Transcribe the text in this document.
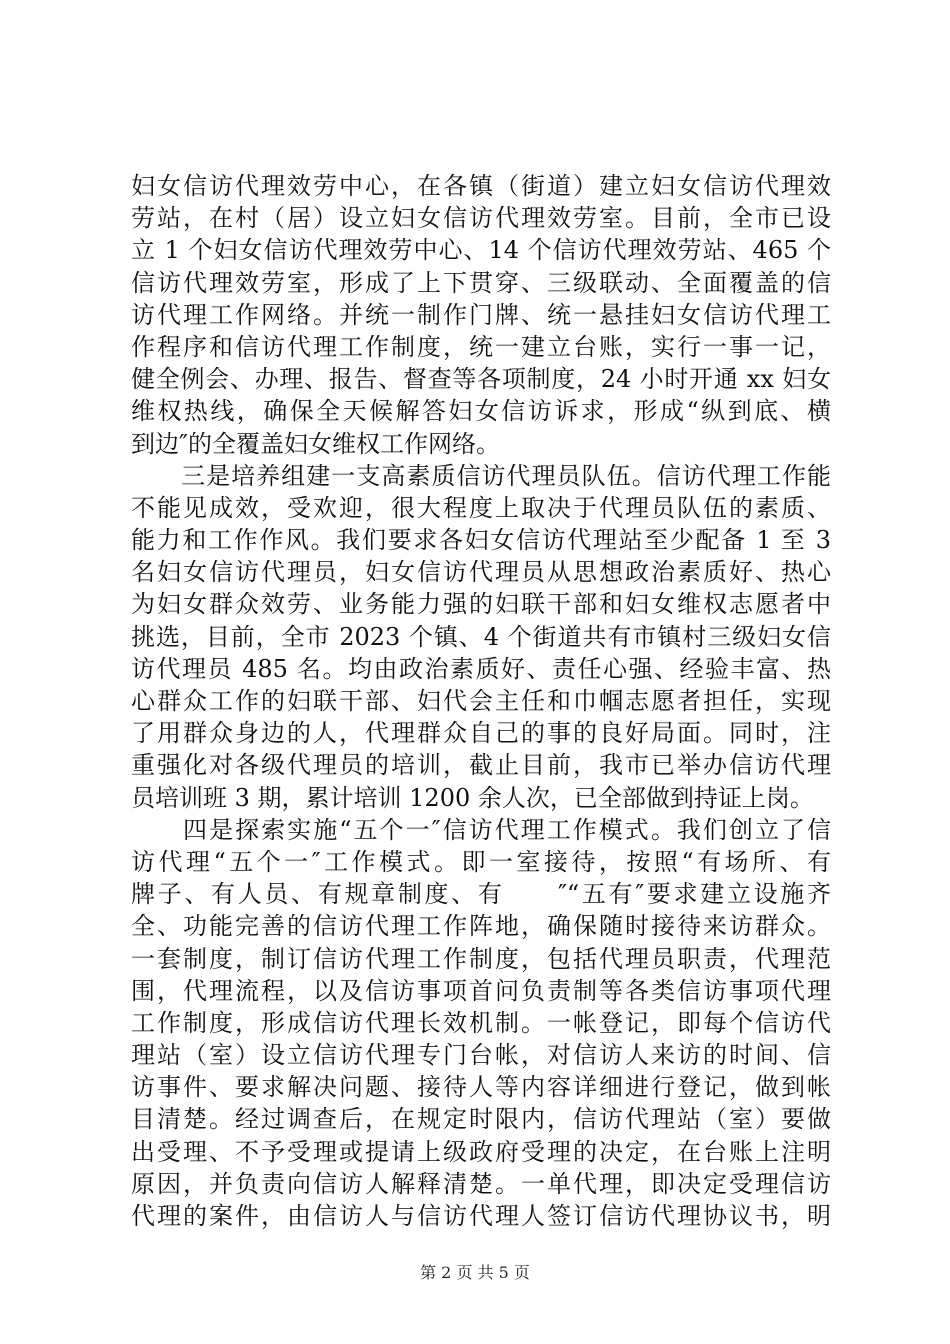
妇女信访代理效劳中心，在各镇（街道）建立妇女信访代理效
劳站，在村（居）设立妇女信访代理效劳室。目前，全市已设
立 1 个妇女信访代理效劳中心、14 个信访代理效劳站、465 个
信访代理效劳室，形成了上下贯穿、三级联动、全面覆盖的信
访代理工作网络。并统一制作门牌、统一悬挂妇女信访代理工
作程序和信访代理工作制度，统一建立台账，实行一事一记，
健全例会、办理、报告、督查等各项制度，24 小时开通 xx 妇女
维权热线，确保全天候解答妇女信访诉求，形成“纵到底、横
到边″的全覆盖妇女维权工作网络。
　　三是培养组建一支高素质信访代理员队伍。信访代理工作能
不能见成效，受欢迎，很大程度上取决于代理员队伍的素质、
能力和工作作风。我们要求各妇女信访代理站至少配备 1 至 3
名妇女信访代理员，妇女信访代理员从思想政治素质好、热心
为妇女群众效劳、业务能力强的妇联干部和妇女维权志愿者中
挑选，目前，全市 2023 个镇、4 个街道共有市镇村三级妇女信
访代理员 485 名。均由政治素质好、责任心强、经验丰富、热
心群众工作的妇联干部、妇代会主任和巾帼志愿者担任，实现
了用群众身边的人，代理群众自己的事的良好局面。同时，注
重强化对各级代理员的培训，截止目前，我市已举办信访代理
员培训班 3 期，累计培训 1200 余人次，已全部做到持证上岗。
　　四是探索实施“五个一″信访代理工作模式。我们创立了信
访代理“五个一″工作模式。即一室接待，按照“有场所、有
牌子、有人员、有规章制度、有　　″“五有″要求建立设施齐
全、功能完善的信访代理工作阵地，确保随时接待来访群众。
一套制度，制订信访代理工作制度，包括代理员职责，代理范
围，代理流程，以及信访事项首问负责制等各类信访事项代理
工作制度，形成信访代理长效机制。一帐登记，即每个信访代
理站（室）设立信访代理专门台帐，对信访人来访的时间、信
访事件、要求解决问题、接待人等内容详细进行登记，做到帐
目清楚。经过调查后，在规定时限内，信访代理站（室）要做
出受理、不予受理或提请上级政府受理的决定，在台账上注明
原因，并负责向信访人解释清楚。一单代理，即决定受理信访
代理的案件，由信访人与信访代理人签订信访代理协议书，明
第 2 页 共 5 页
